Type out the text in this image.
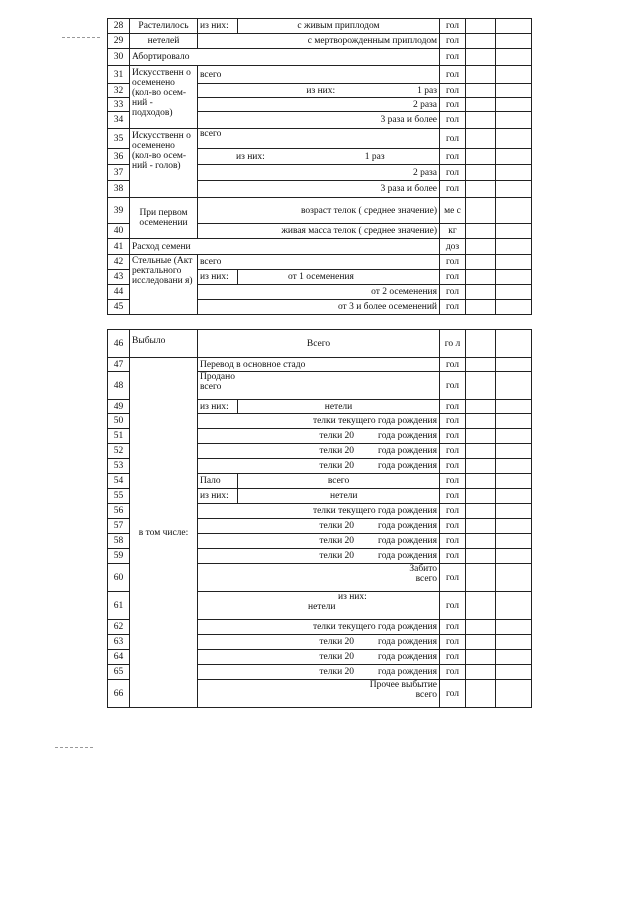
28	Растелилось	из них:	с живым приплодом	гол		
29	нетелей	с мертворожденным приплодом		гол		
30	Абортировало			гол		
31	Искусственн о осеменено (кол-во осем-ний - подходов)	всего		гол		
32		из них: 1 раз		гол		
33		2 раза		гол		
34		3 раза и более		гол		
35	Искусственн о осеменено (кол-во осем-ний - голов)	всего		гол		
36		из них: 1 раз		гол		
37		2 раза		гол		
38		3 раза и более		гол		
39	При первом осеменении	возраст телок ( среднее значение)		ме с		
40		живая масса телок ( среднее значение)		кг		
41	Расход семени			доз		
42	Стельные (Акт ректального исследовани я)	всего		гол		
43		из них:	от 1 осеменения	гол		
44		от 2 осеменения		гол		
45		от 3 и более осеменений		гол		
46	Выбыло	Всего		го л		
47	в том числе:	Перевод в основное стадо		гол		
48		Продано
всего		гол		
49		из них:	нетели	гол		
50		телки текущего года рождения		гол		
51		телки 20 года рождения		гол		
52		телки 20 года рождения		гол		
53		телки 20 года рождения		гол		
54		Пало	всего	гол		
55		из них:	нетели	гол		
56		телки текущего года рождения		гол		
57		телки 20 года рождения		гол		
58		телки 20 года рождения		гол		
59		телки 20 года рождения		гол		
60		Забито
всего		гол		
61		из них:
нетели		гол		
62		телки текущего года рождения		гол		
63		телки 20 года рождения		гол		
64		телки 20 года рождения		гол		
65		телки 20 года рождения		гол		
66		Прочее выбытие
всего		гол		
